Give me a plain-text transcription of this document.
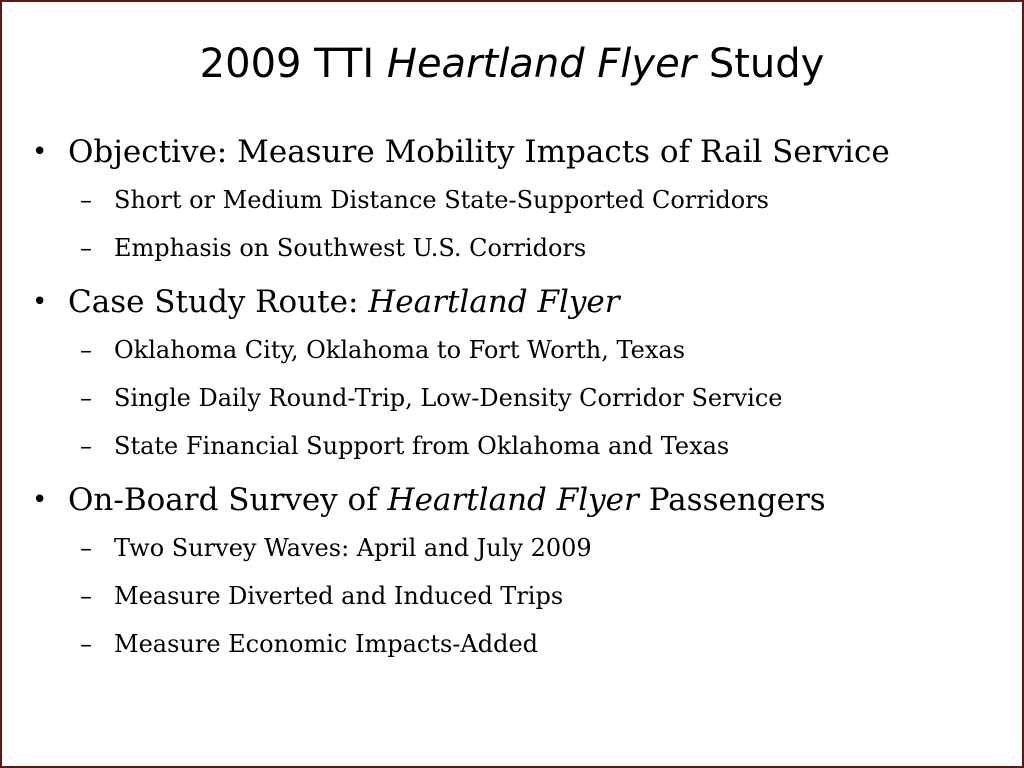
2009 TTI Heartland Flyer Study
• Objective: Measure Mobility Impacts of Rail Service
– Short or Medium Distance State-Supported Corridors
– Emphasis on Southwest U.S. Corridors
• Case Study Route: Heartland Flyer
– Oklahoma City, Oklahoma to Fort Worth, Texas
– Single Daily Round-Trip, Low-Density Corridor Service
– State Financial Support from Oklahoma and Texas
• On-Board Survey of Heartland Flyer Passengers
– Two Survey Waves: April and July 2009
– Measure Diverted and Induced Trips
– Measure Economic Impacts-Added
